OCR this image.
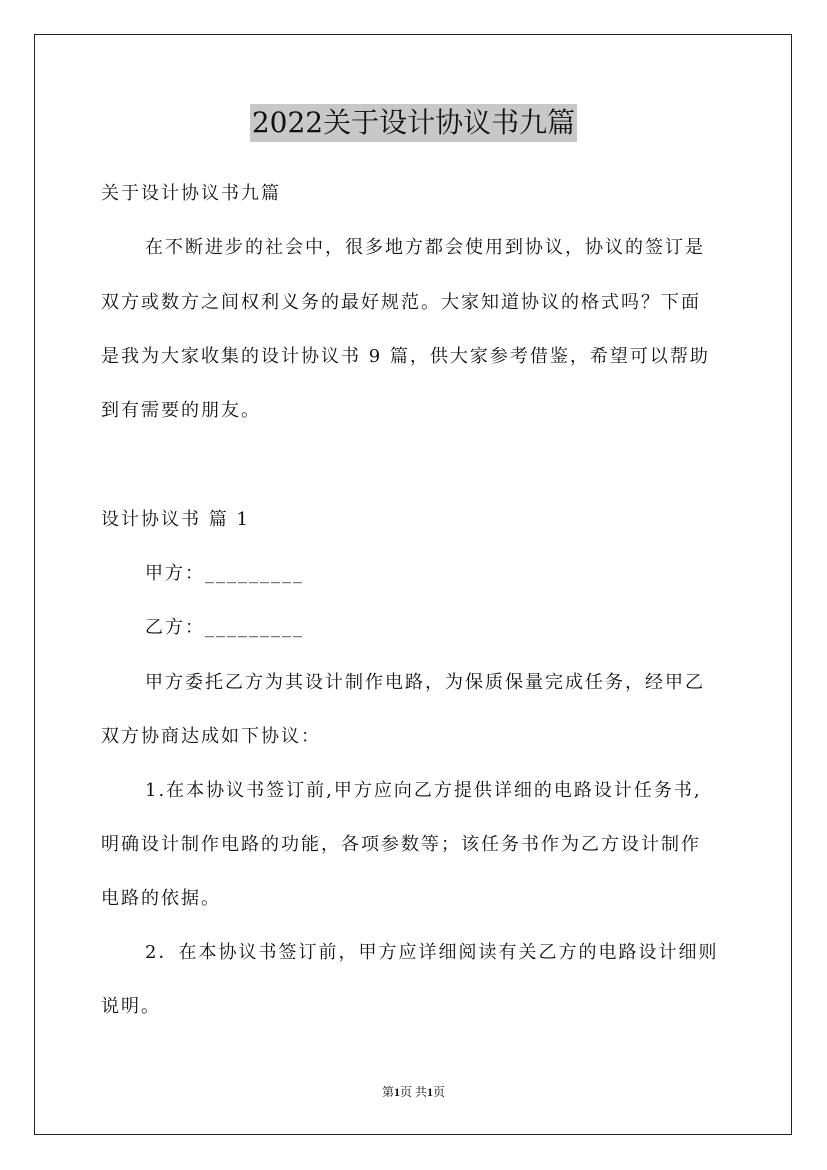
2022关于设计协议书九篇
关于设计协议书九篇
在不断进步的社会中，很多地方都会使用到协议，协议的签订是
双方或数方之间权利义务的最好规范。大家知道协议的格式吗？下面
是我为大家收集的设计协议书 9 篇，供大家参考借鉴，希望可以帮助
到有需要的朋友。
设计协议书 篇 1
甲方：_________
乙方：_________
甲方委托乙方为其设计制作电路，为保质保量完成任务，经甲乙
双方协商达成如下协议：
1.在本协议书签订前,甲方应向乙方提供详细的电路设计任务书,
明确设计制作电路的功能，各项参数等；该任务书作为乙方设计制作
电路的依据。
2．在本协议书签订前，甲方应详细阅读有关乙方的电路设计细则
说明。
第1页 共1页
